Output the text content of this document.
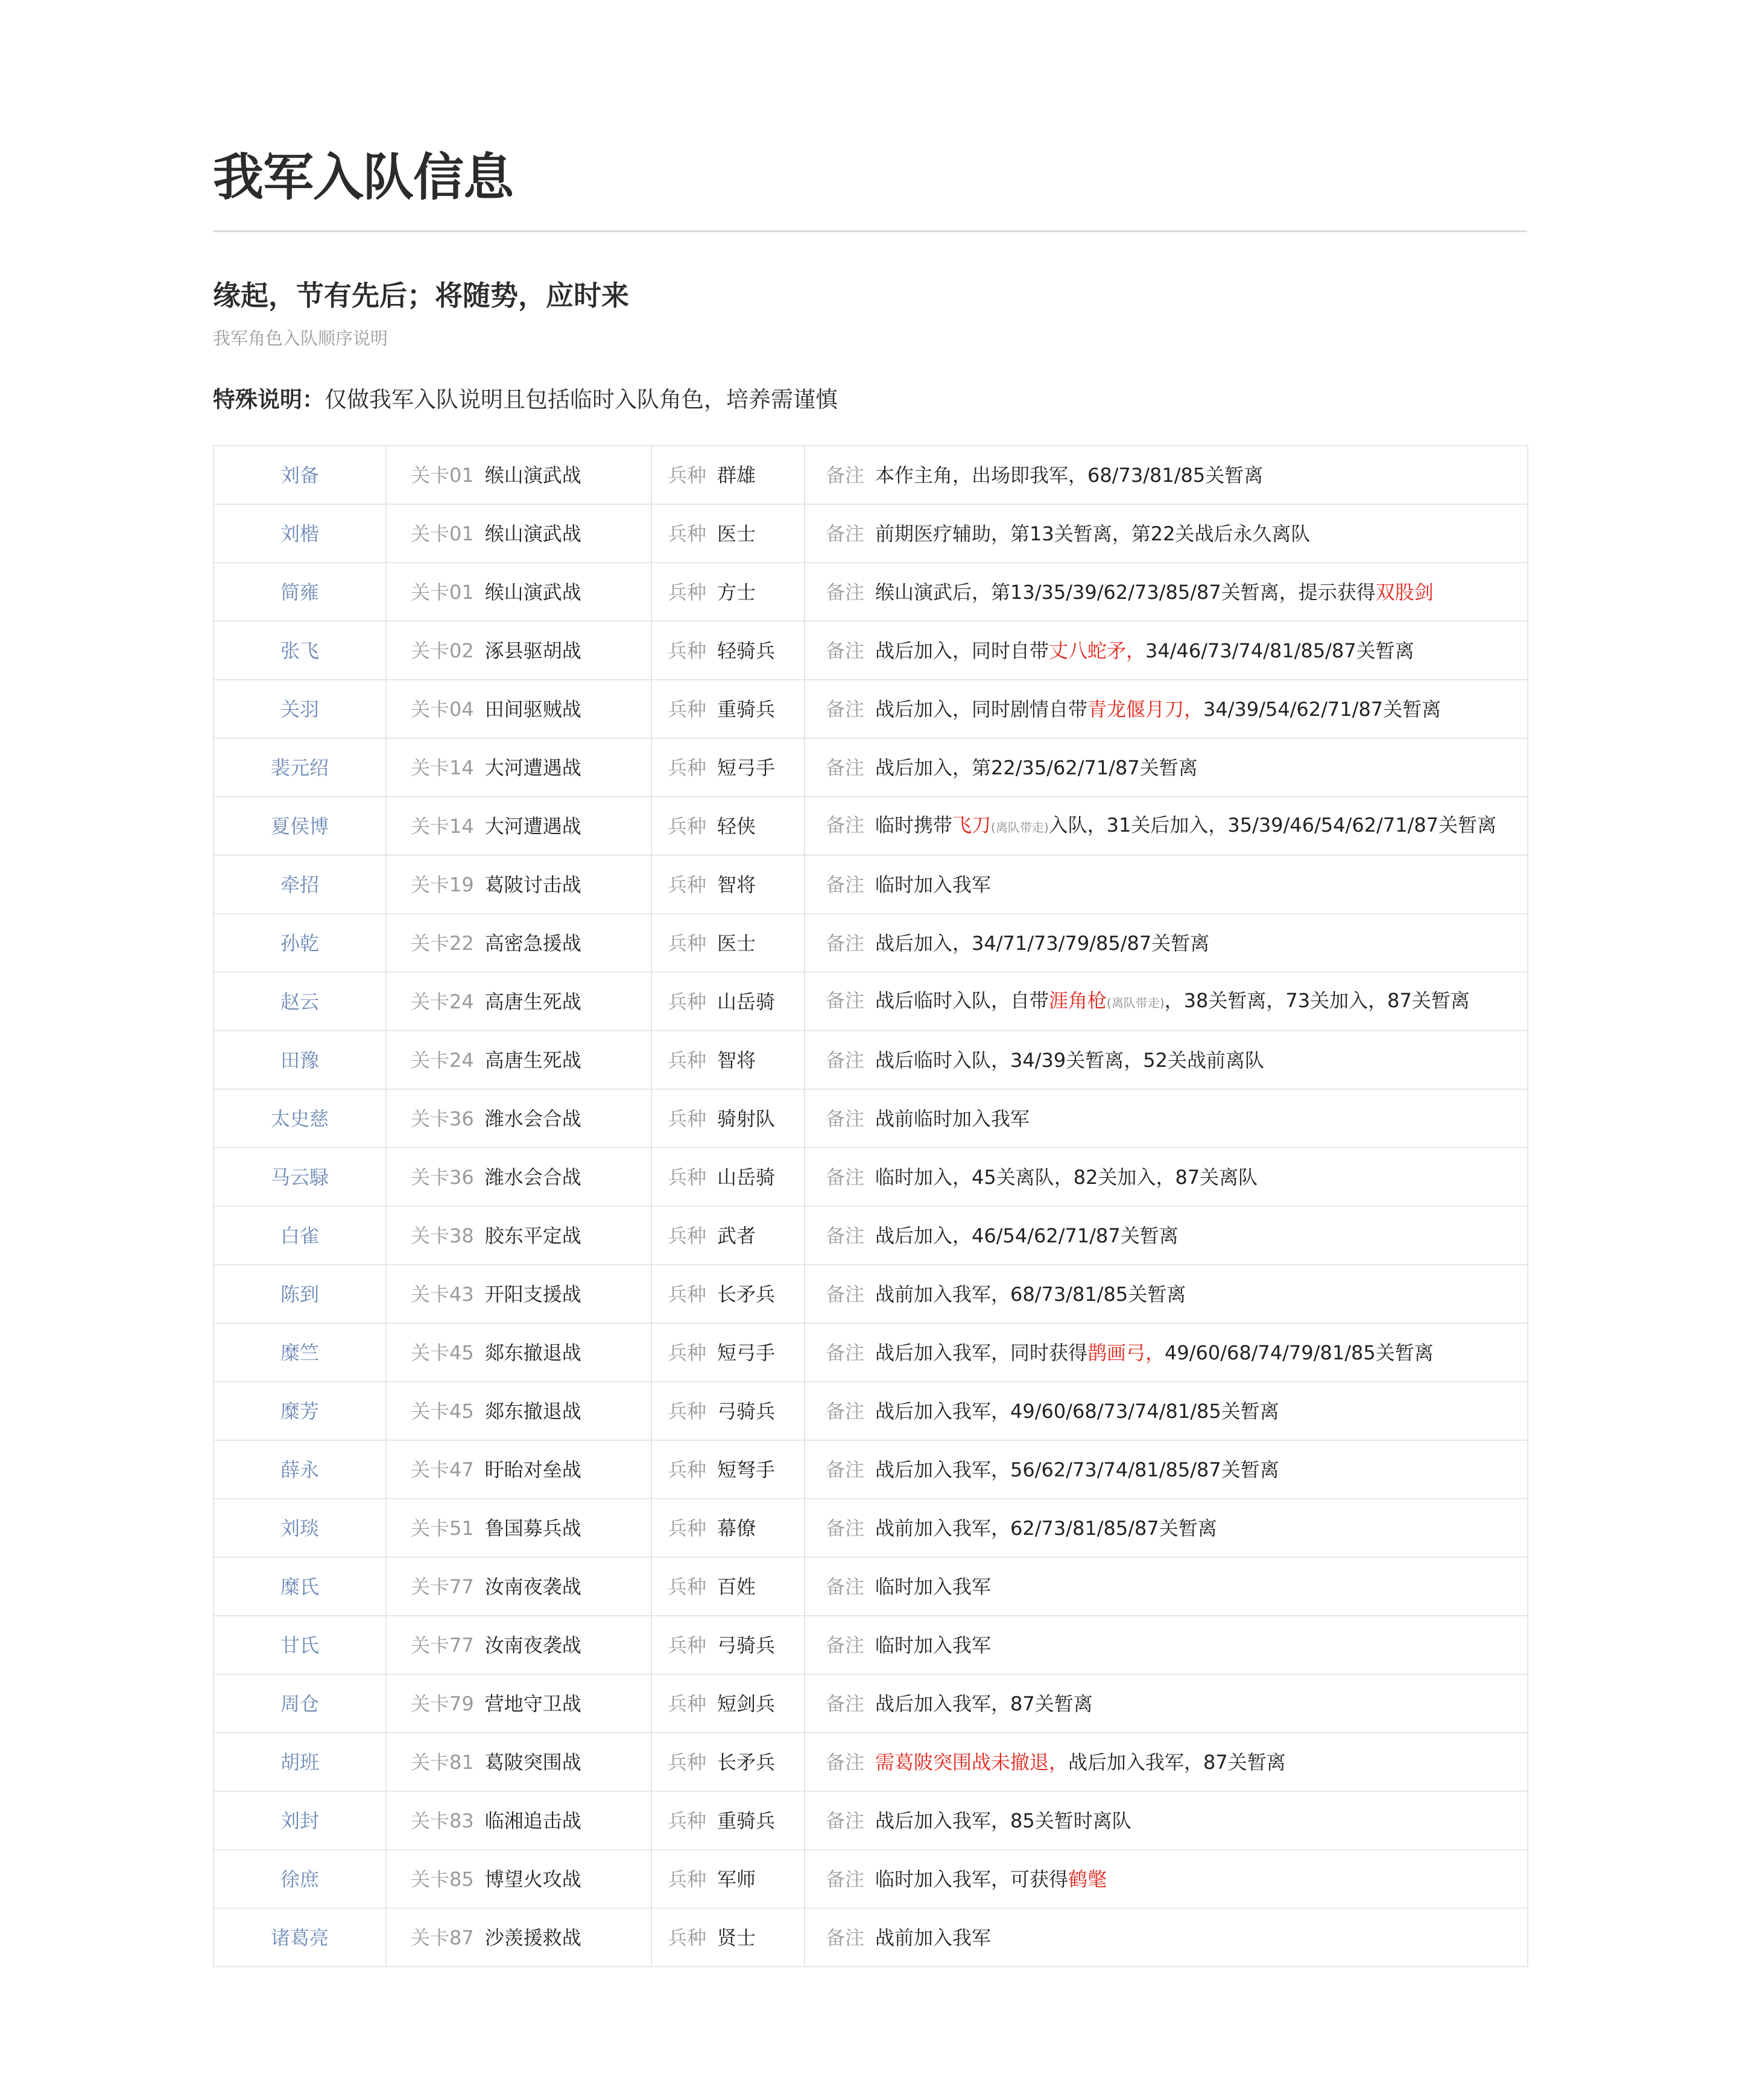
我军入队信息
缘起，节有先后；将随势，应时来
我军角色入队顺序说明
特殊说明：仅做我军入队说明且包括临时入队角色，培养需谨慎
刘备	关卡01 缑山演武战	兵种 群雄	备注 本作主角，出场即我军，68/73/81/85关暂离
刘楷	关卡01 缑山演武战	兵种 医士	备注 前期医疗辅助，第13关暂离，第22关战后永久离队
简雍	关卡01 缑山演武战	兵种 方士	备注 缑山演武后，第13/35/39/62/73/85/87关暂离，提示获得双股剑
张飞	关卡02 涿县驱胡战	兵种 轻骑兵	备注 战后加入，同时自带丈八蛇矛，34/46/73/74/81/85/87关暂离
关羽	关卡04 田间驱贼战	兵种 重骑兵	备注 战后加入，同时剧情自带青龙偃月刀，34/39/54/62/71/87关暂离
裴元绍	关卡14 大河遭遇战	兵种 短弓手	备注 战后加入，第22/35/62/71/87关暂离
夏侯博	关卡14 大河遭遇战	兵种 轻侠	备注 临时携带飞刀(离队带走)入队，31关后加入，35/39/46/54/62/71/87关暂离
牵招	关卡19 葛陂讨击战	兵种 智将	备注 临时加入我军
孙乾	关卡22 高密急援战	兵种 医士	备注 战后加入，34/71/73/79/85/87关暂离
赵云	关卡24 高唐生死战	兵种 山岳骑	备注 战后临时入队，自带涯角枪(离队带走)，38关暂离，73关加入，87关暂离
田豫	关卡24 高唐生死战	兵种 智将	备注 战后临时入队，34/39关暂离，52关战前离队
太史慈	关卡36 潍水会合战	兵种 骑射队	备注 战前临时加入我军
马云騄	关卡36 潍水会合战	兵种 山岳骑	备注 临时加入，45关离队，82关加入，87关离队
白雀	关卡38 胶东平定战	兵种 武者	备注 战后加入，46/54/62/71/87关暂离
陈到	关卡43 开阳支援战	兵种 长矛兵	备注 战前加入我军，68/73/81/85关暂离
糜竺	关卡45 郯东撤退战	兵种 短弓手	备注 战后加入我军，同时获得鹊画弓，49/60/68/74/79/81/85关暂离
糜芳	关卡45 郯东撤退战	兵种 弓骑兵	备注 战后加入我军，49/60/68/73/74/81/85关暂离
薛永	关卡47 盱眙对垒战	兵种 短弩手	备注 战后加入我军，56/62/73/74/81/85/87关暂离
刘琰	关卡51 鲁国募兵战	兵种 幕僚	备注 战前加入我军，62/73/81/85/87关暂离
糜氏	关卡77 汝南夜袭战	兵种 百姓	备注 临时加入我军
甘氏	关卡77 汝南夜袭战	兵种 弓骑兵	备注 临时加入我军
周仓	关卡79 营地守卫战	兵种 短剑兵	备注 战后加入我军，87关暂离
胡班	关卡81 葛陂突围战	兵种 长矛兵	备注 需葛陂突围战未撤退，战后加入我军，87关暂离
刘封	关卡83 临湘追击战	兵种 重骑兵	备注 战后加入我军，85关暂时离队
徐庶	关卡85 博望火攻战	兵种 军师	备注 临时加入我军，可获得鹤氅
诸葛亮	关卡87 沙羡援救战	兵种 贤士	备注 战前加入我军
